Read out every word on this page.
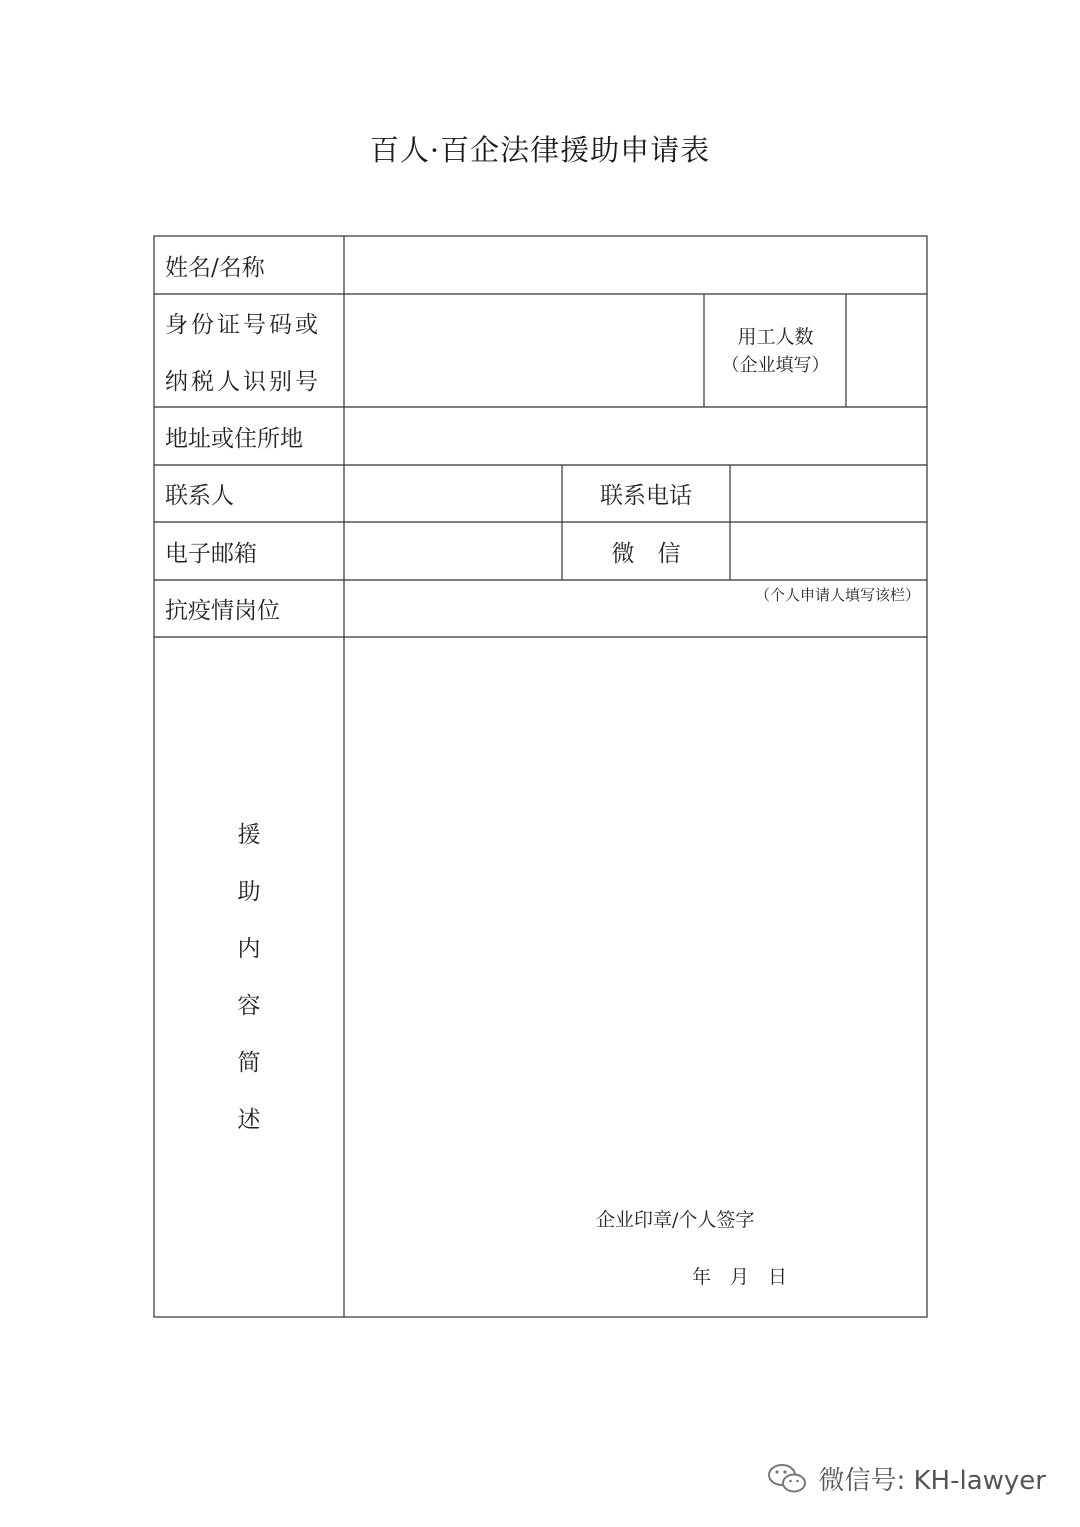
百人·百企法律援助申请表
姓名/名称
身份证号码或
纳税人识别号
用工人数
（企业填写）
地址或住所地
联系人	联系电话
电子邮箱	微　信
抗疫情岗位
（个人申请人填写该栏）
援
助
内
容
简
述
企业印章/个人签字
年　月　日
微信号: KH-lawyer
